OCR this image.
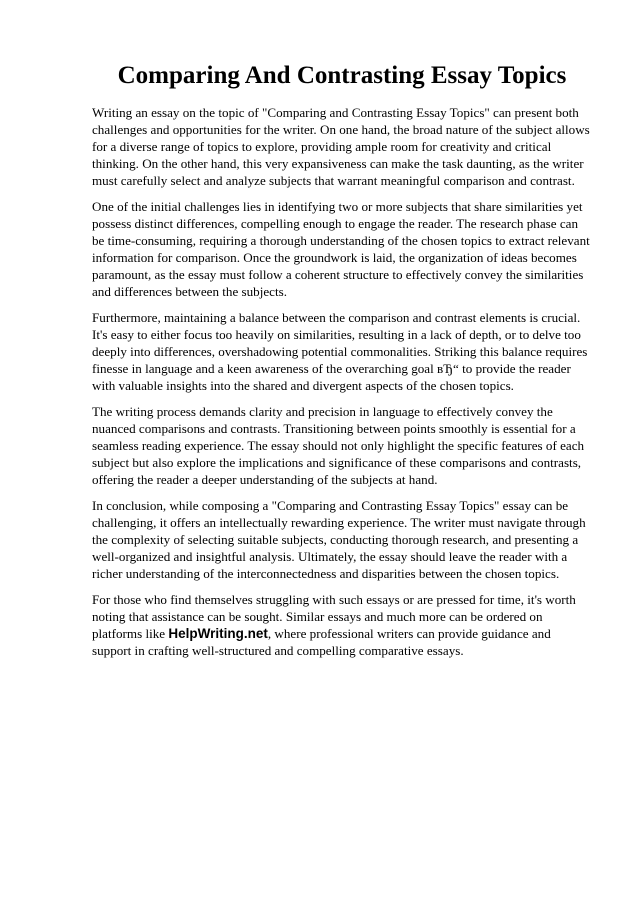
Comparing And Contrasting Essay Topics

Writing an essay on the topic of "Comparing and Contrasting Essay Topics" can present both challenges and opportunities for the writer. On one hand, the broad nature of the subject allows for a diverse range of topics to explore, providing ample room for creativity and critical thinking. On the other hand, this very expansiveness can make the task daunting, as the writer must carefully select and analyze subjects that warrant meaningful comparison and contrast.

One of the initial challenges lies in identifying two or more subjects that share similarities yet possess distinct differences, compelling enough to engage the reader. The research phase can be time-consuming, requiring a thorough understanding of the chosen topics to extract relevant information for comparison. Once the groundwork is laid, the organization of ideas becomes paramount, as the essay must follow a coherent structure to effectively convey the similarities and differences between the subjects.

Furthermore, maintaining a balance between the comparison and contrast elements is crucial. It's easy to either focus too heavily on similarities, resulting in a lack of depth, or to delve too deeply into differences, overshadowing potential commonalities. Striking this balance requires finesse in language and a keen awareness of the overarching goal вЂ“ to provide the reader with valuable insights into the shared and divergent aspects of the chosen topics.

The writing process demands clarity and precision in language to effectively convey the nuanced comparisons and contrasts. Transitioning between points smoothly is essential for a seamless reading experience. The essay should not only highlight the specific features of each subject but also explore the implications and significance of these comparisons and contrasts, offering the reader a deeper understanding of the subjects at hand.

In conclusion, while composing a "Comparing and Contrasting Essay Topics" essay can be challenging, it offers an intellectually rewarding experience. The writer must navigate through the complexity of selecting suitable subjects, conducting thorough research, and presenting a well-organized and insightful analysis. Ultimately, the essay should leave the reader with a richer understanding of the interconnectedness and disparities between the chosen topics.

For those who find themselves struggling with such essays or are pressed for time, it's worth noting that assistance can be sought. Similar essays and much more can be ordered on platforms like HelpWriting.net, where professional writers can provide guidance and support in crafting well-structured and compelling comparative essays.
